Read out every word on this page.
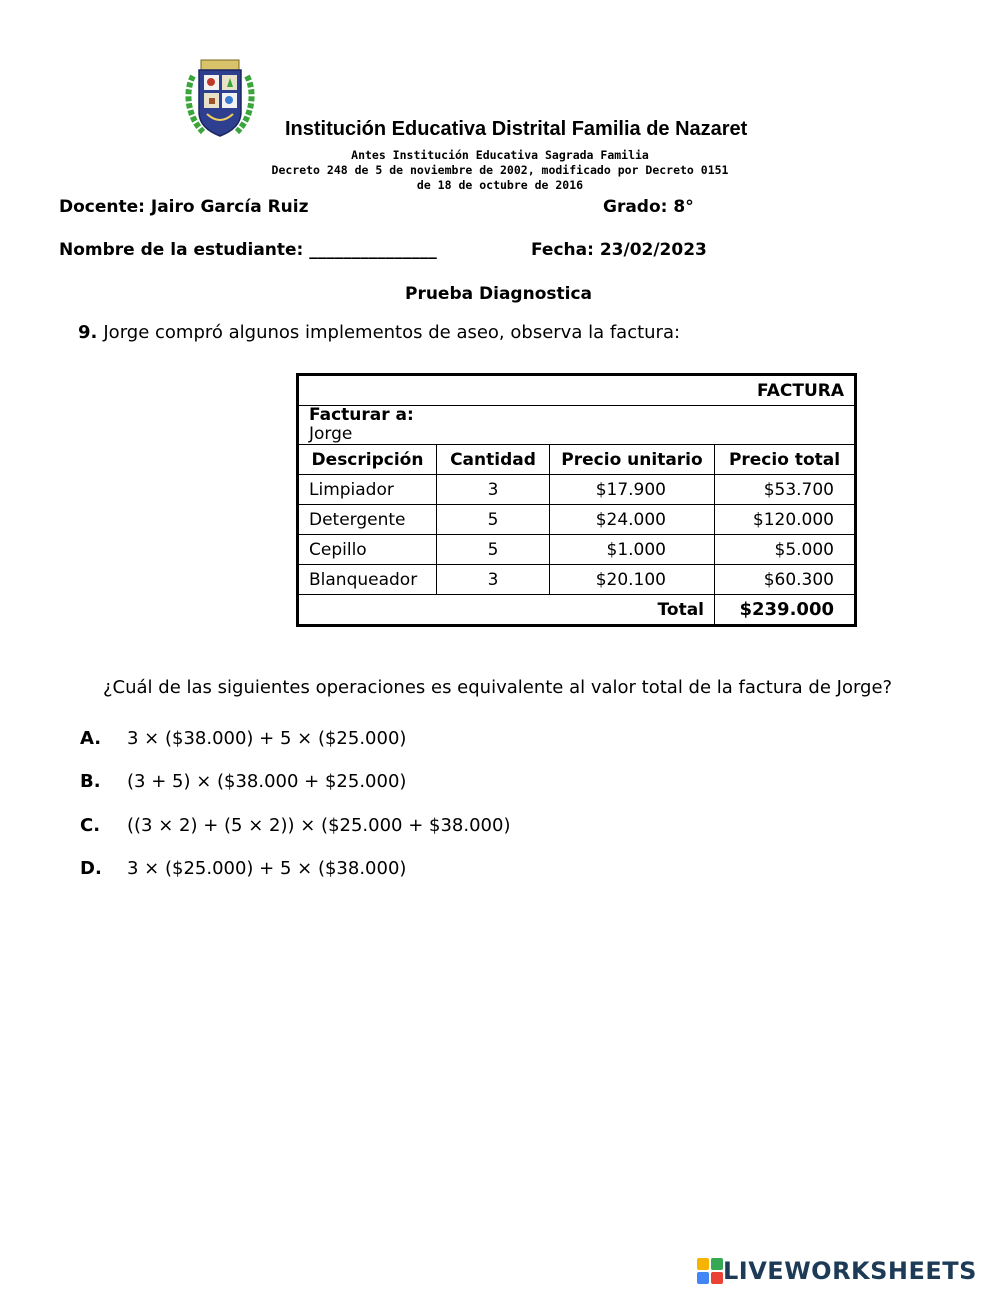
Institución Educativa Distrital Familia de Nazaret
Antes Institución Educativa Sagrada Familia
Decreto 248 de 5 de noviembre de 2002, modificado por Decreto 0151
de 18 de octubre de 2016
Docente: Jairo García Ruiz	Grado: 8°
Nombre de la estudiante: _______________	Fecha: 23/02/2023
Prueba Diagnostica
9. Jorge compró algunos implementos de aseo, observa la factura:
FACTURA			

Facturar a:
Jorge			

Descripción	Cantidad	Precio unitario	Precio total
Limpiador	3	$17.900	$53.700
Detergente	5	$24.000	$120.000
Cepillo	5	$1.000	$5.000
Blanqueador	3	$20.100	$60.300
Total			$239.000
¿Cuál de las siguientes operaciones es equivalente al valor total de la factura de Jorge?
A. 3 × ($38.000) + 5 × ($25.000)
B. (3 + 5) × ($38.000 + $25.000)
C. ((3 × 2) + (5 × 2)) × ($25.000 + $38.000)
D. 3 × ($25.000) + 5 × ($38.000)
LIVEWORKSHEETS
